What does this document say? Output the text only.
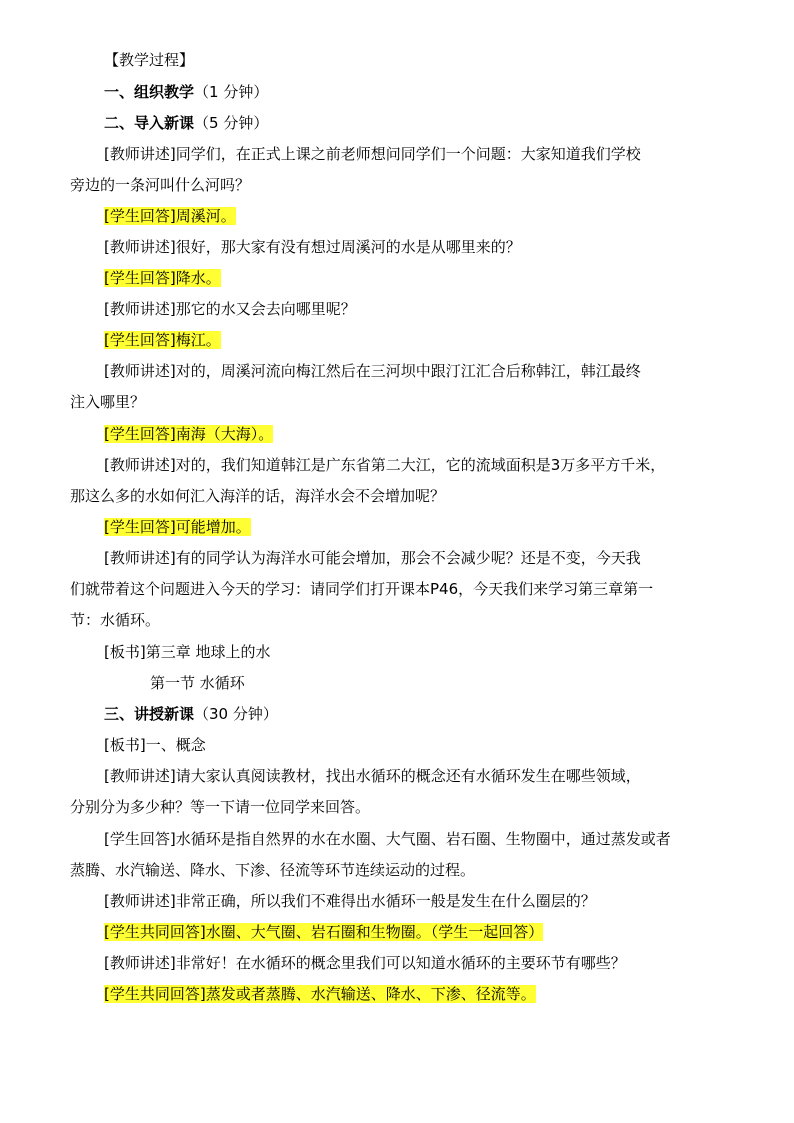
【教学过程】
一、组织教学（1 分钟）
二、导入新课（5 分钟）
[教师讲述]同学们，在正式上课之前老师想问同学们一个问题：大家知道我们学校
旁边的一条河叫什么河吗？
[学生回答]周溪河。
[教师讲述]很好，那大家有没有想过周溪河的水是从哪里来的？
[学生回答]降水。
[教师讲述]那它的水又会去向哪里呢？
[学生回答]梅江。
[教师讲述]对的，周溪河流向梅江然后在三河坝中跟汀江汇合后称韩江，韩江最终
注入哪里？
[学生回答]南海（大海）。
[教师讲述]对的，我们知道韩江是广东省第二大江，它的流域面积是3万多平方千米，
那这么多的水如何汇入海洋的话，海洋水会不会增加呢？
[学生回答]可能增加。
[教师讲述]有的同学认为海洋水可能会增加，那会不会减少呢？还是不变，今天我
们就带着这个问题进入今天的学习：请同学们打开课本P46，今天我们来学习第三章第一
节：水循环。
[板书]第三章 地球上的水
第一节 水循环
三、讲授新课（30 分钟）
[板书]一、概念
[教师讲述]请大家认真阅读教材，找出水循环的概念还有水循环发生在哪些领域，
分别分为多少种？等一下请一位同学来回答。
[学生回答]水循环是指自然界的水在水圈、大气圈、岩石圈、生物圈中，通过蒸发或者
蒸腾、水汽输送、降水、下渗、径流等环节连续运动的过程。
[教师讲述]非常正确，所以我们不难得出水循环一般是发生在什么圈层的？
[学生共同回答]水圈、大气圈、岩石圈和生物圈。（学生一起回答）
[教师讲述]非常好！在水循环的概念里我们可以知道水循环的主要环节有哪些？
[学生共同回答]蒸发或者蒸腾、水汽输送、降水、下渗、径流等。
